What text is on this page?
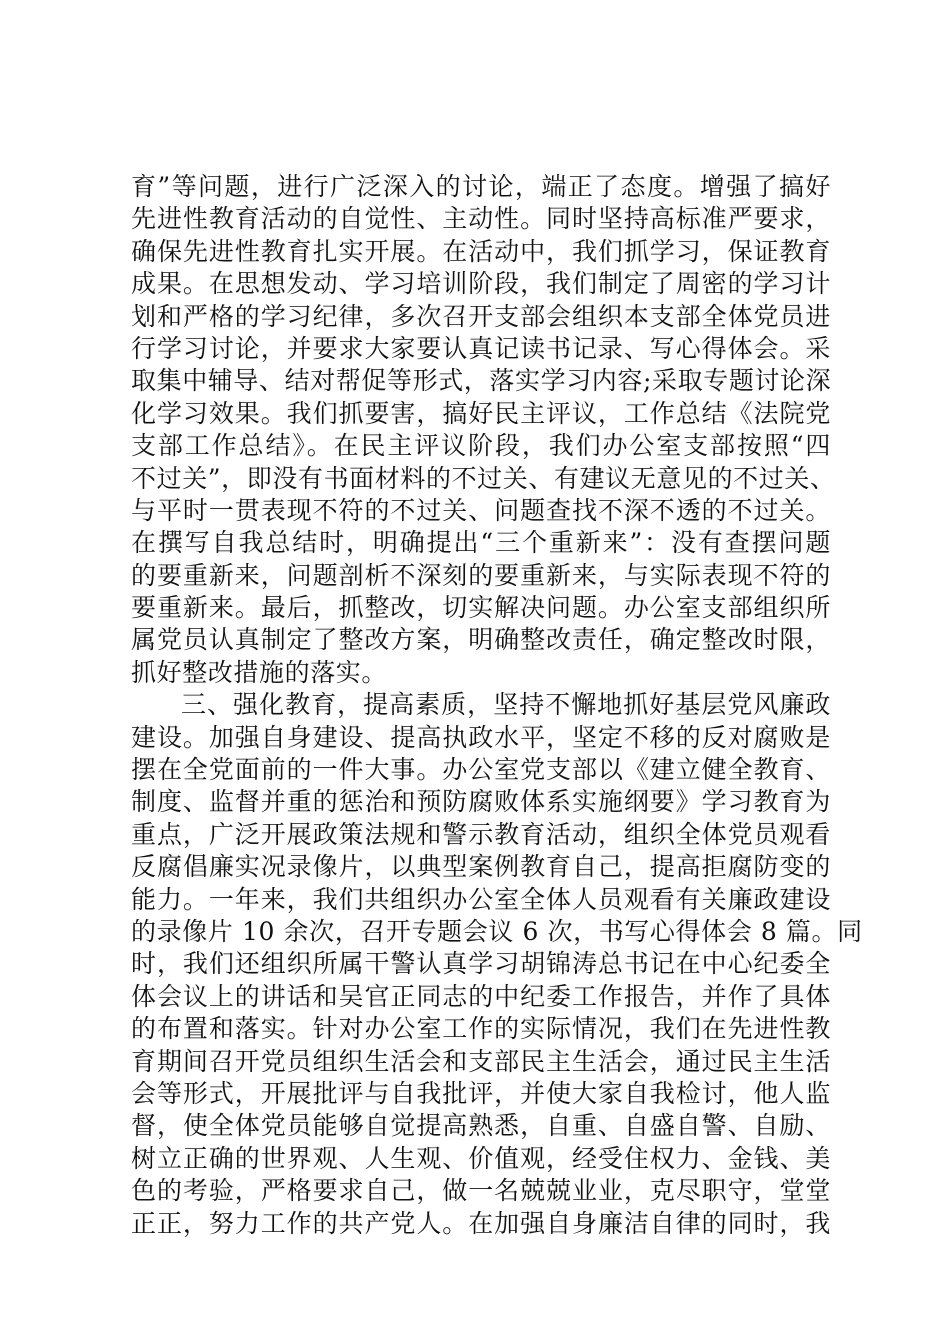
育”等问题，进行广泛深入的讨论，端正了态度。增强了搞好
先进性教育活动的自觉性、主动性。同时坚持高标准严要求，
确保先进性教育扎实开展。在活动中，我们抓学习，保证教育
成果。在思想发动、学习培训阶段，我们制定了周密的学习计
划和严格的学习纪律，多次召开支部会组织本支部全体党员进
行学习讨论，并要求大家要认真记读书记录、写心得体会。采
取集中辅导、结对帮促等形式，落实学习内容;采取专题讨论深
化学习效果。我们抓要害，搞好民主评议，工作总结《法院党
支部工作总结》。在民主评议阶段，我们办公室支部按照“四
不过关”，即没有书面材料的不过关、有建议无意见的不过关、
与平时一贯表现不符的不过关、问题查找不深不透的不过关。
在撰写自我总结时，明确提出“三个重新来”：没有查摆问题
的要重新来，问题剖析不深刻的要重新来，与实际表现不符的
要重新来。最后，抓整改，切实解决问题。办公室支部组织所
属党员认真制定了整改方案，明确整改责任，确定整改时限，
抓好整改措施的落实。
三、强化教育，提高素质，坚持不懈地抓好基层党风廉政
建设。加强自身建设、提高执政水平，坚定不移的反对腐败是
摆在全党面前的一件大事。办公室党支部以《建立健全教育、
制度、监督并重的惩治和预防腐败体系实施纲要》学习教育为
重点，广泛开展政策法规和警示教育活动，组织全体党员观看
反腐倡廉实况录像片，以典型案例教育自己，提高拒腐防变的
能力。一年来，我们共组织办公室全体人员观看有关廉政建设
的录像片 10 余次，召开专题会议 6 次，书写心得体会 8 篇。同
时，我们还组织所属干警认真学习胡锦涛总书记在中心纪委全
体会议上的讲话和吴官正同志的中纪委工作报告，并作了具体
的布置和落实。针对办公室工作的实际情况，我们在先进性教
育期间召开党员组织生活会和支部民主生活会，通过民主生活
会等形式，开展批评与自我批评，并使大家自我检讨，他人监
督，使全体党员能够自觉提高熟悉，自重、自盛自警、自励、
树立正确的世界观、人生观、价值观，经受住权力、金钱、美
色的考验，严格要求自己，做一名兢兢业业，克尽职守，堂堂
正正，努力工作的共产党人。在加强自身廉洁自律的同时，我
